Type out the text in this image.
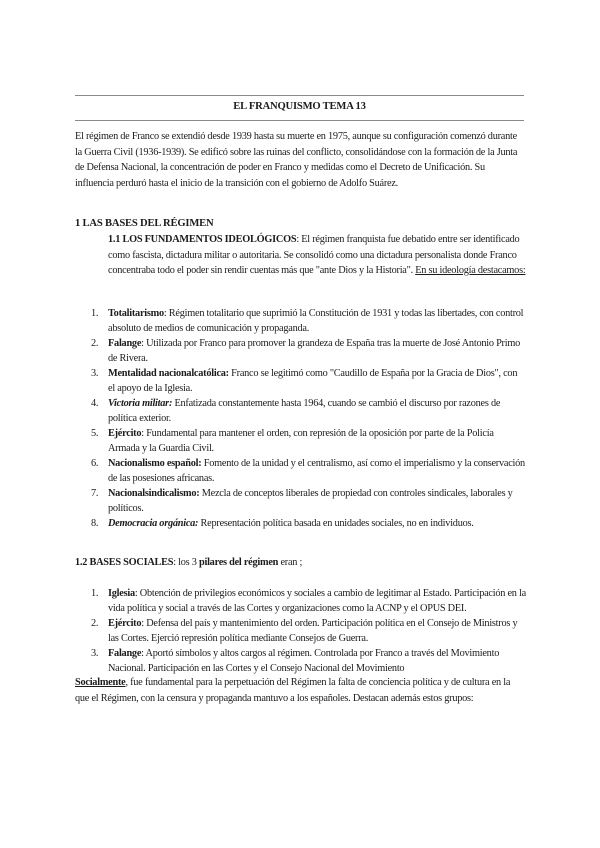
EL FRANQUISMO TEMA 13

El régimen de Franco se extendió desde 1939 hasta su muerte en 1975, aunque su configuración comenzó durante la Guerra Civil (1936-1939). Se edificó sobre las ruinas del conflicto, consolidándose con la formación de la Junta de Defensa Nacional, la concentración de poder en Franco y medidas como el Decreto de Unificación. Su influencia perduró hasta el inicio de la transición con el gobierno de Adolfo Suárez.

1 LAS BASES DEL RÉGIMEN

1.1 LOS FUNDAMENTOS IDEOLÓGICOS: El régimen franquista fue debatido entre ser identificado como fascista, dictadura militar o autoritaria. Se consolidó como una dictadura personalista donde Franco concentraba todo el poder sin rendir cuentas más que "ante Dios y la Historia". En su ideología destacamos:

1. Totalitarismo: Régimen totalitario que suprimió la Constitución de 1931 y todas las libertades, con control absoluto de medios de comunicación y propaganda.
2. Falange: Utilizada por Franco para promover la grandeza de España tras la muerte de José Antonio Primo de Rivera.
3. Mentalidad nacionalcatólica: Franco se legitimó como "Caudillo de España por la Gracia de Dios", con el apoyo de la Iglesia.
4. Victoria militar: Enfatizada constantemente hasta 1964, cuando se cambió el discurso por razones de política exterior.
5. Ejército: Fundamental para mantener el orden, con represión de la oposición por parte de la Policía Armada y la Guardia Civil.
6. Nacionalismo español: Fomento de la unidad y el centralismo, así como el imperialismo y la conservación de las posesiones africanas.
7. Nacionalsindicalismo: Mezcla de conceptos liberales de propiedad con controles sindicales, laborales y políticos.
8. Democracia orgánica: Representación política basada en unidades sociales, no en individuos.
1.2 BASES SOCIALES: los 3 pilares del régimen eran ;
1. Iglesia: Obtención de privilegios económicos y sociales a cambio de legitimar al Estado. Participación en la vida política y social a través de las Cortes y organizaciones como la ACNP y el OPUS DEI.
2. Ejército: Defensa del país y mantenimiento del orden. Participación política en el Consejo de Ministros y las Cortes. Ejerció represión política mediante Consejos de Guerra.
3. Falange: Aportó símbolos y altos cargos al régimen. Controlada por Franco a través del Movimiento Nacional. Participación en las Cortes y el Consejo Nacional del Movimiento

Socialmente, fue fundamental para la perpetuación del Régimen la falta de conciencia política y de cultura en la que el Régimen, con la censura y propaganda mantuvo a los españoles. Destacan además estos grupos:
